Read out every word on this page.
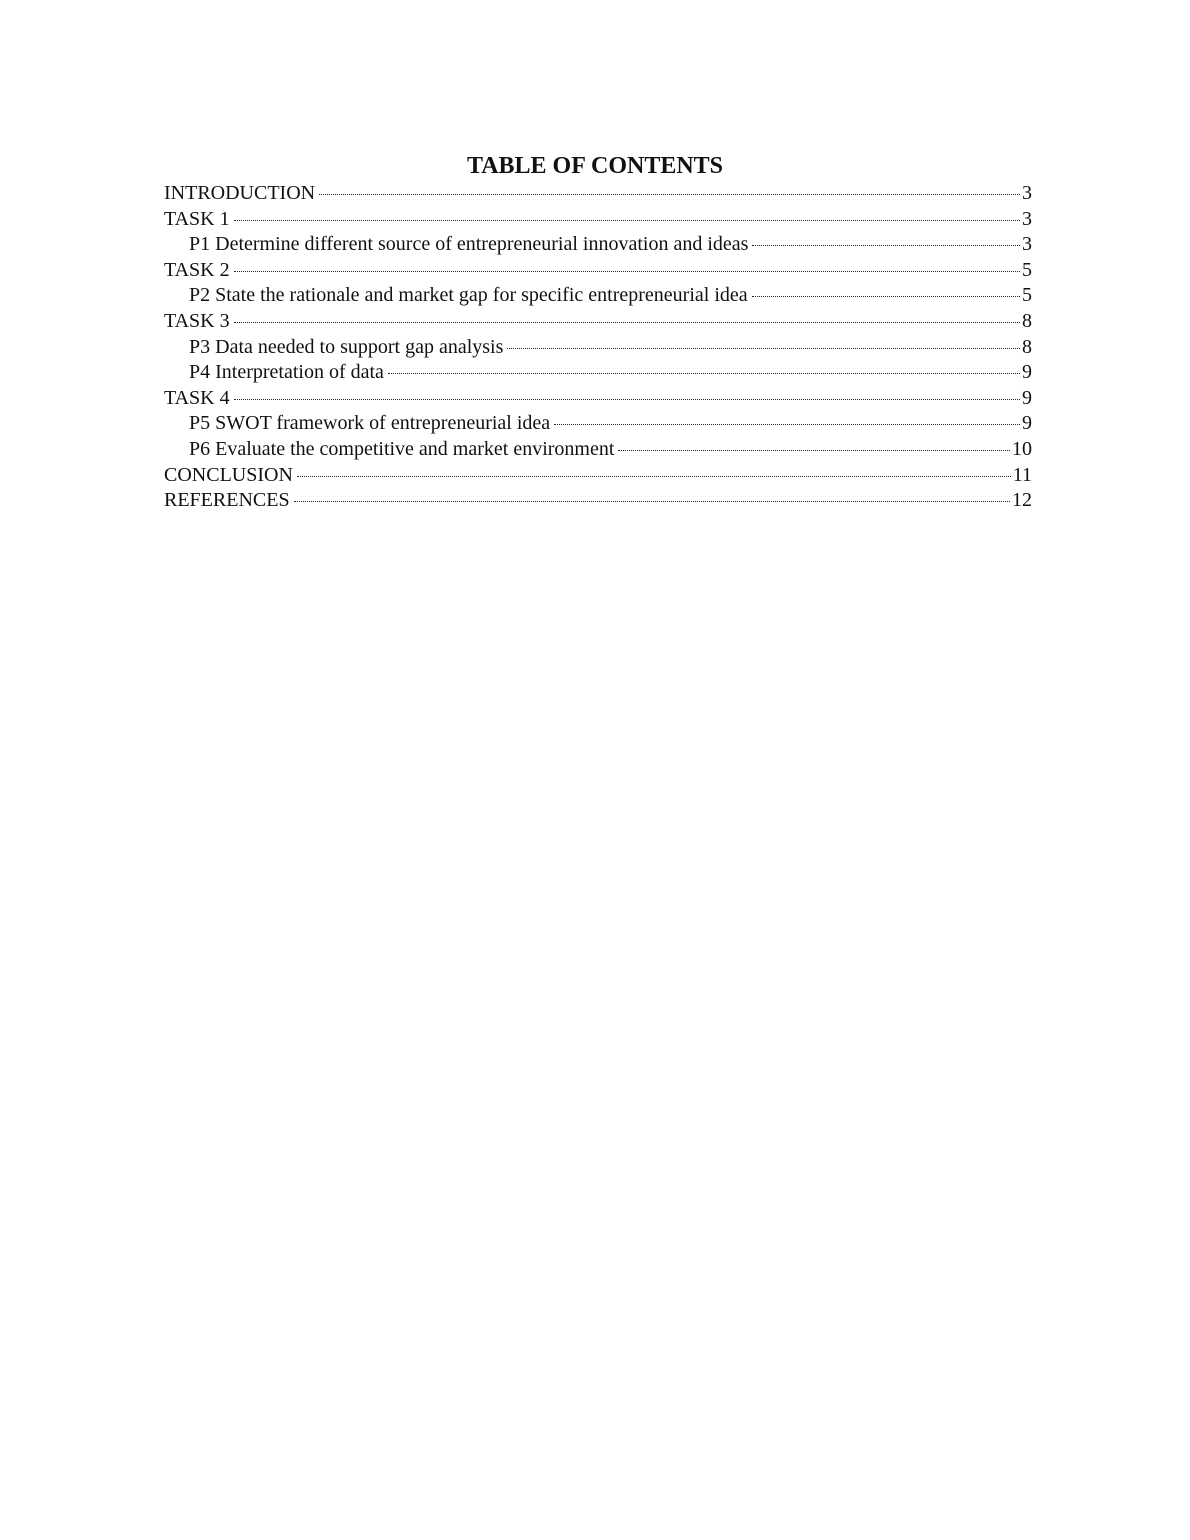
TABLE OF CONTENTS
INTRODUCTION	3
TASK 1	3
P1 Determine different source of entrepreneurial innovation and ideas	3
TASK 2	5
P2 State the rationale and market gap for specific entrepreneurial idea	5
TASK 3	8
P3 Data needed to support gap analysis	8
P4 Interpretation of data	9
TASK 4	9
P5 SWOT framework of entrepreneurial idea	9
P6 Evaluate the competitive and market environment	10
CONCLUSION	11
REFERENCES	12
